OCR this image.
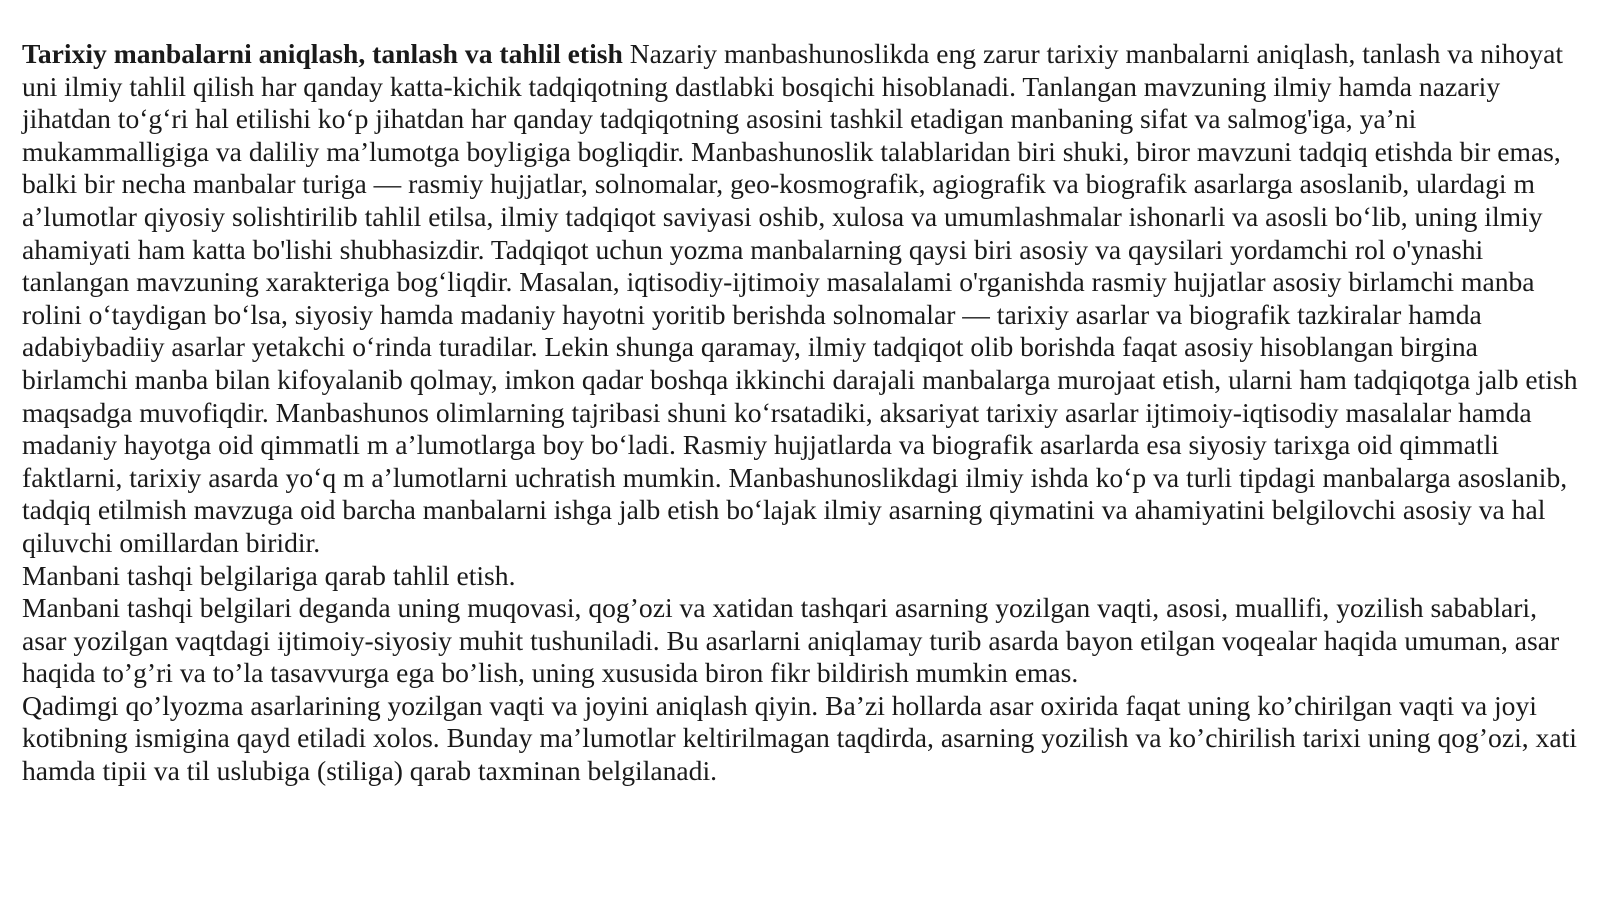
Tarixiy manbalarni aniqlash, tanlash va tahlil etish Nazariy manbashunoslikda eng zarur tarixiy manbalarni aniqlash, tanlash va nihoyat uni ilmiy tahlil qilish har qanday katta-kichik tadqiqotning dastlabki bosqichi hisoblanadi. Tanlangan mavzuning ilmiy hamda nazariy jihatdan to‘g‘ri hal etilishi ko‘p jihatdan har qanday tadqiqotning asosini tashkil etadigan manbaning sifat va salmog'iga, ya’ni mukammalligiga va daliliy ma’lumotga boyligiga bogliqdir. Manbashunoslik talablaridan biri shuki, biror mavzuni tadqiq etishda bir emas, balki bir necha manbalar turiga — rasmiy hujjatlar, solnomalar, geo-kosmografik, agiografik va biografik asarlarga asoslanib, ulardagi m a’lumotlar qiyosiy solishtirilib tahlil etilsa, ilmiy tadqiqot saviyasi oshib, xulosa va umumlashmalar ishonarli va asosli bo‘lib, uning ilmiy ahamiyati ham katta bo'lishi shubhasizdir. Tadqiqot uchun yozma manbalarning qaysi biri asosiy va qaysilari yordamchi rol o'ynashi tanlangan mavzuning xarakteriga bog‘liqdir. Masalan, iqtisodiy-ijtimoiy masalalami o'rganishda rasmiy hujjatlar asosiy birlamchi manba rolini o‘taydigan bo‘lsa, siyosiy hamda madaniy hayotni yoritib berishda solnomalar — tarixiy asarlar va biografik tazkiralar hamda adabiybadiiy asarlar yetakchi o‘rinda turadilar. Lekin shunga qaramay, ilmiy tadqiqot olib borishda faqat asosiy hisoblangan birgina birlamchi manba bilan kifoyalanib qolmay, imkon qadar boshqa ikkinchi darajali manbalarga murojaat etish, ularni ham tadqiqotga jalb etish maqsadga muvofiqdir. Manbashunos olimlarning tajribasi shuni ko‘rsatadiki, aksariyat tarixiy asarlar ijtimoiy-iqtisodiy masalalar hamda madaniy hayotga oid qimmatli m a’lumotlarga boy bo‘ladi. Rasmiy hujjatlarda va biografik asarlarda esa siyosiy tarixga oid qimmatli faktlarni, tarixiy asarda yo‘q m a’lumotlarni uchratish mumkin. Manbashunoslikdagi ilmiy ishda ko‘p va turli tipdagi manbalarga asoslanib, tadqiq etilmish mavzuga oid barcha manbalarni ishga jalb etish bo‘lajak ilmiy asarning qiymatini va ahamiyatini belgilovchi asosiy va hal qiluvchi omillardan biridir.

Manbani tashqi belgilariga qarab tahlil etish.

Manbani tashqi belgilari deganda uning muqovasi, qog’ozi va xatidan tashqari asarning yozilgan vaqti, asosi, muallifi, yozilish sabablari, asar yozilgan vaqtdagi ijtimoiy-siyosiy muhit tushuniladi. Bu asarlarni aniqlamay turib asarda bayon etilgan voqealar haqida umuman, asar haqida to’g’ri va to’la tasavvurga ega bo’lish, uning xususida biron fikr bildirish mumkin emas.

Qadimgi qo’lyozma asarlarining yozilgan vaqti va joyini aniqlash qiyin. Ba’zi hollarda asar oxirida faqat uning ko’chirilgan vaqti va joyi kotibning ismigina qayd etiladi xolos. Bunday ma’lumotlar keltirilmagan taqdirda, asarning yozilish va ko’chirilish tarixi uning qog’ozi, xati hamda tipii va til uslubiga (stiliga) qarab taxminan belgilanadi.
